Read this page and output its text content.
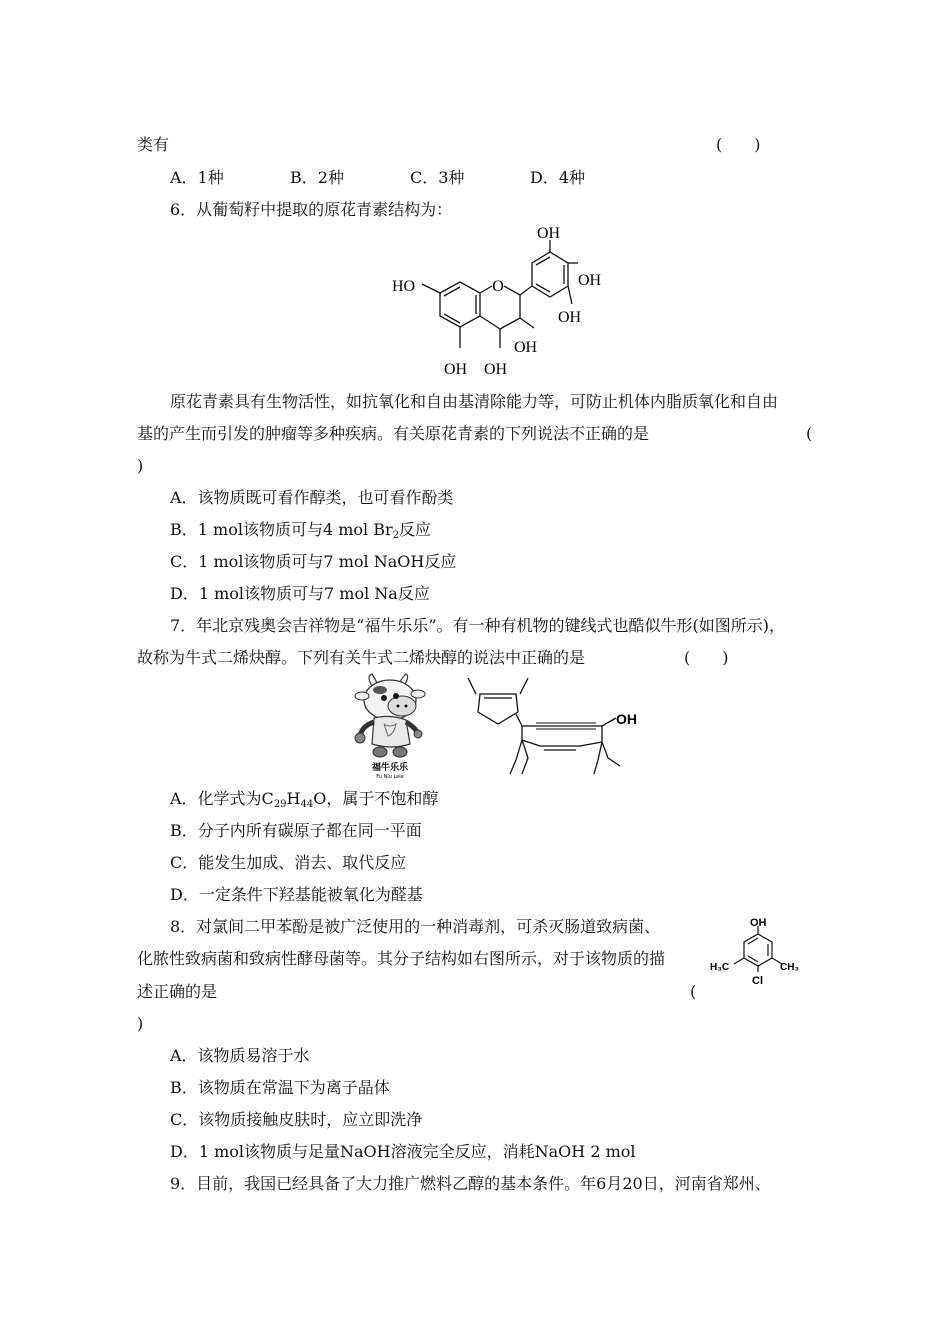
类有	(　　)
A．1种	B．2种	C．3种	D．4种
6．从葡萄籽中提取的原花青素结构为：
O
OH
HO	OH
OH
OH
OH OH
原花青素具有生物活性，如抗氧化和自由基清除能力等，可防止机体内脂质氧化和自由
基的产生而引发的肿瘤等多种疾病。有关原花青素的下列说法不正确的是	(
)
A．该物质既可看作醇类，也可看作酚类
B．1 mol该物质可与4 mol $Br_2$反应
C．1 mol该物质可与7 mol NaOH反应
D．1 mol该物质可与7 mol Na反应
7．年北京残奥会吉祥物是“福牛乐乐”。有一种有机物的键线式也酷似牛形(如图所示)，
故称为牛式二烯炔醇。下列有关牛式二烯炔醇的说法中正确的是	(　　)
福牛乐乐
Fu Niu Lele
OH
A．化学式为$C_{29}H_{44}O$，属于不饱和醇
B．分子内所有碳原子都在同一平面
C．能发生加成、消去、取代反应
D．一定条件下羟基能被氧化为醛基
8．对氯间二甲苯酚是被广泛使用的一种消毒剂，可杀灭肠道致病菌、
化脓性致病菌和致病性酵母菌等。其分子结构如右图所示，对于该物质的描
述正确的是	(
)
OH
H₃C	CH₃
Cl
A．该物质易溶于水
B．该物质在常温下为离子晶体
C．该物质接触皮肤时，应立即洗净
D．1 mol该物质与足量NaOH溶液完全反应，消耗NaOH 2 mol
9．目前，我国已经具备了大力推广燃料乙醇的基本条件。年6月20日，河南省郑州、
